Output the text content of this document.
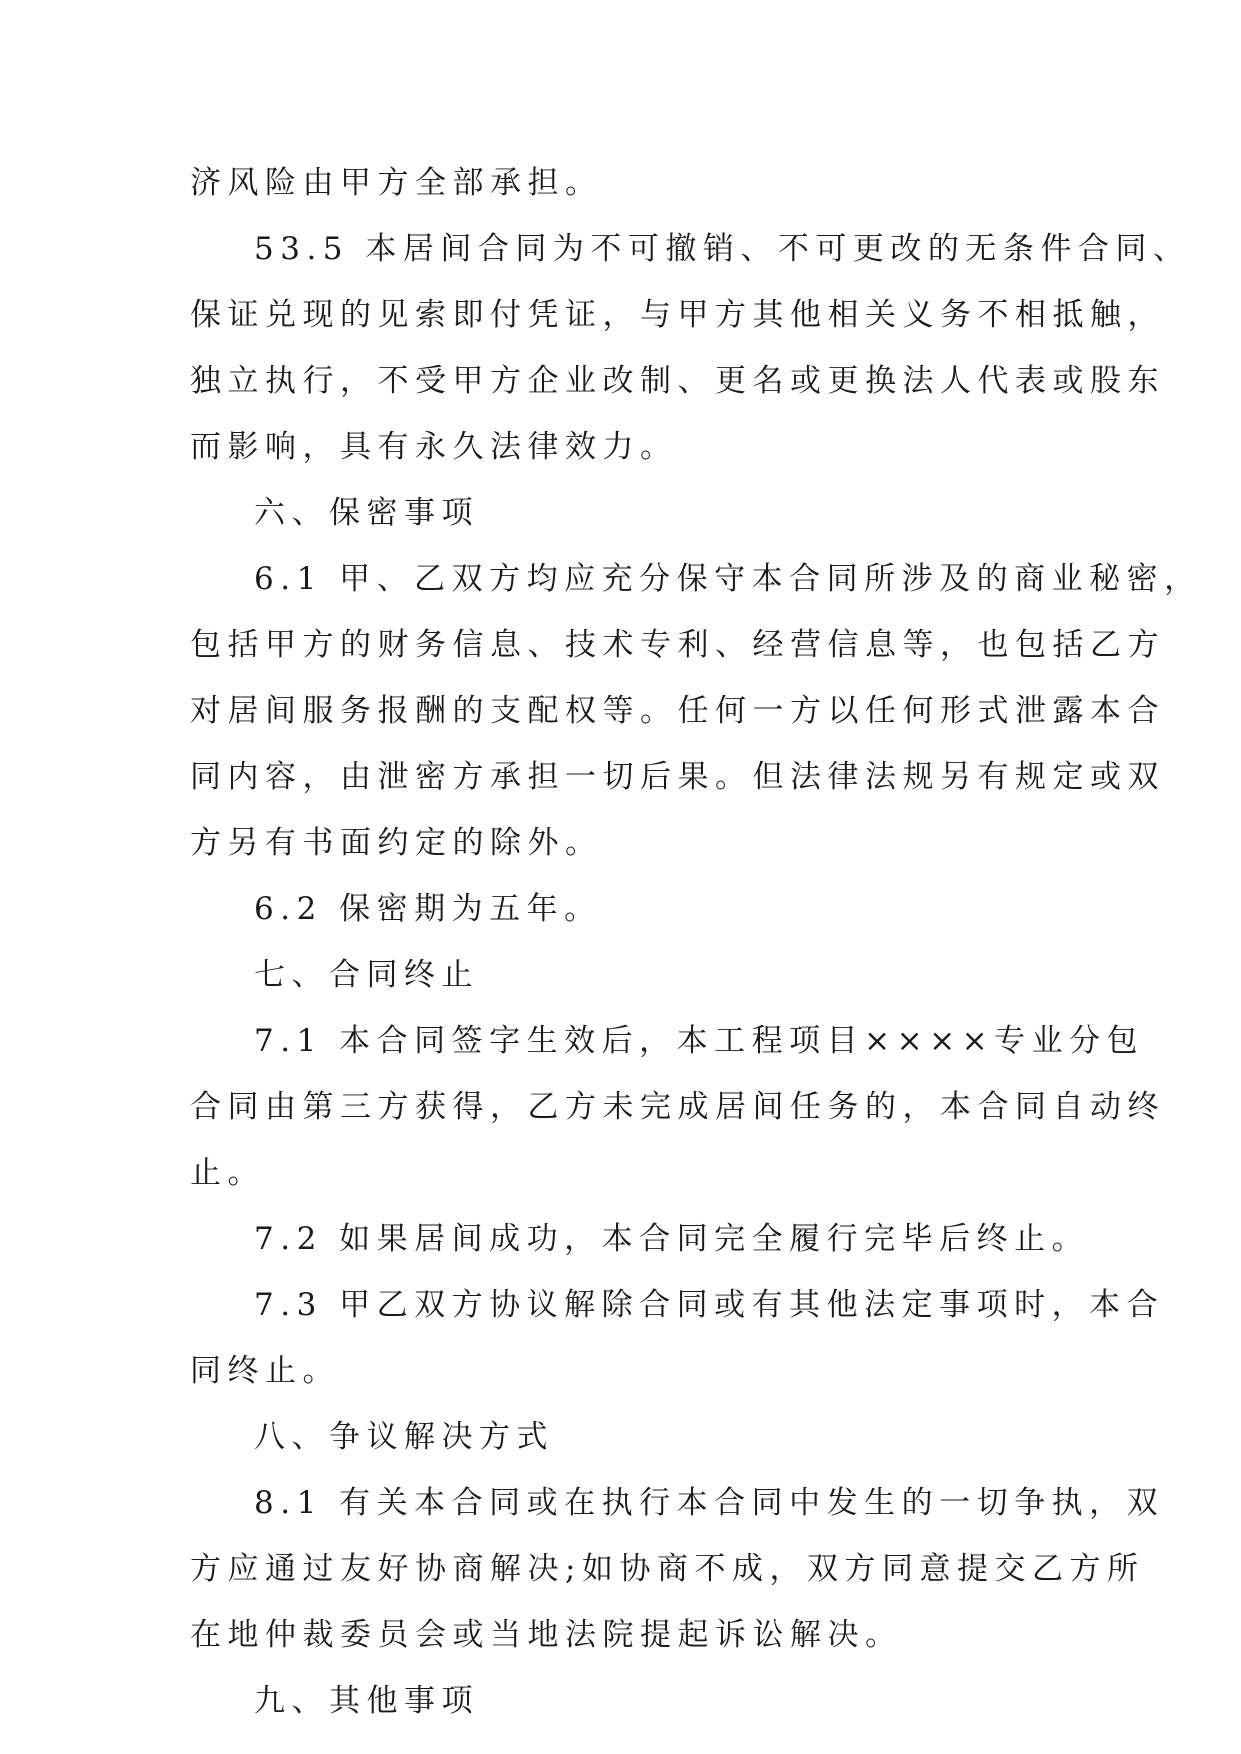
济风险由甲方全部承担。
53.5 本居间合同为不可撤销、不可更改的无条件合同、
保证兑现的见索即付凭证，与甲方其他相关义务不相抵触，
独立执行，不受甲方企业改制、更名或更换法人代表或股东
而影响，具有永久法律效力。
六、保密事项
6.1 甲、乙双方均应充分保守本合同所涉及的商业秘密，
包括甲方的财务信息、技术专利、经营信息等，也包括乙方
对居间服务报酬的支配权等。任何一方以任何形式泄露本合
同内容，由泄密方承担一切后果。但法律法规另有规定或双
方另有书面约定的除外。
6.2 保密期为五年。
七、合同终止
7.1 本合同签字生效后，本工程项目××××专业分包
合同由第三方获得，乙方未完成居间任务的，本合同自动终
止。
7.2 如果居间成功，本合同完全履行完毕后终止。
7.3 甲乙双方协议解除合同或有其他法定事项时，本合
同终止。
八、争议解决方式
8.1 有关本合同或在执行本合同中发生的一切争执，双
方应通过友好协商解决;如协商不成，双方同意提交乙方所
在地仲裁委员会或当地法院提起诉讼解决。
九、其他事项
